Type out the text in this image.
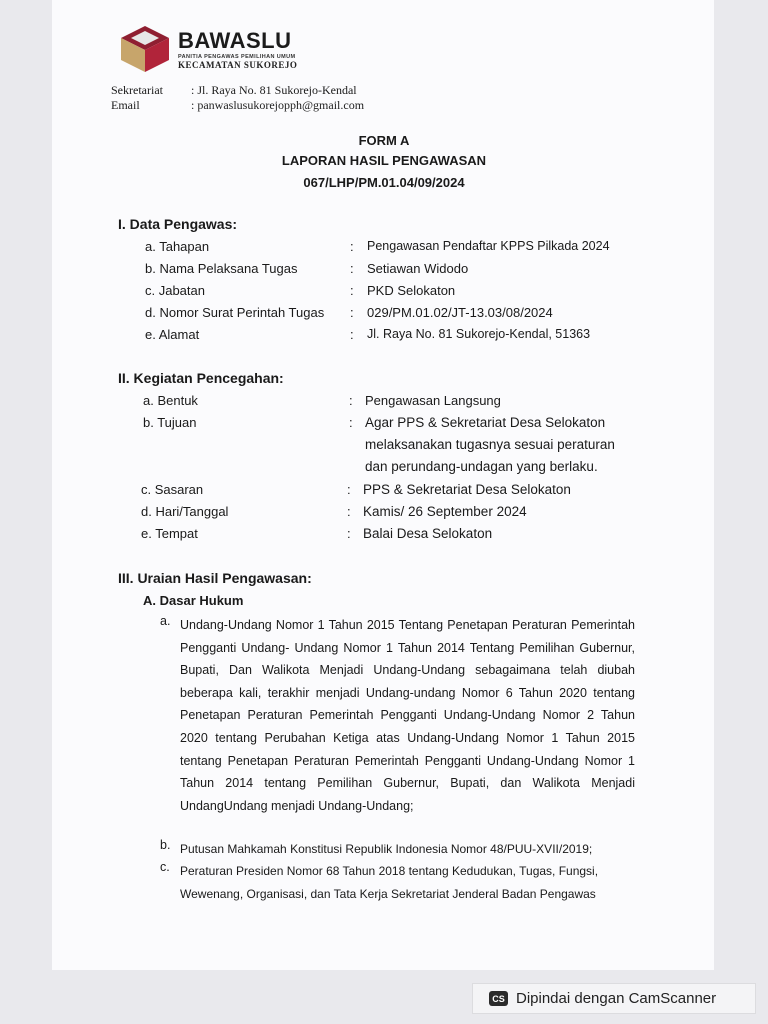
BAWASLU
PANITIA PENGAWAS PEMILIHAN UMUM
KECAMATAN SUKOREJO
Sekretariat : Jl. Raya No. 81 Sukorejo-Kendal
Email	: panwaslusukorejopph@gmail.com
FORM A
LAPORAN HASIL PENGAWASAN
067/LHP/PM.01.04/09/2024
I. Data Pengawas:
a. Tahapan	: Pengawasan Pendaftar KPPS Pilkada 2024
b. Nama Pelaksana Tugas	: Setiawan Widodo
c. Jabatan	: PKD Selokaton
d. Nomor Surat Perintah Tugas : 029/PM.01.02/JT-13.03/08/2024
e. Alamat	: Jl. Raya No. 81 Sukorejo-Kendal, 51363
II. Kegiatan Pencegahan:
a. Bentuk	: Pengawasan Langsung
b. Tujuan	: Agar PPS & Sekretariat Desa Selokaton
melaksanakan tugasnya sesuai peraturan
dan perundang-undagan yang berlaku.
c. Sasaran	: PPS & Sekretariat Desa Selokaton
d. Hari/Tanggal	: Kamis/ 26 September 2024
e. Tempat	: Balai Desa Selokaton
III. Uraian Hasil Pengawasan:
A. Dasar Hukum
a. Undang-Undang Nomor 1 Tahun 2015 Tentang Penetapan Peraturan Pemerintah Pengganti Undang- Undang Nomor 1 Tahun 2014 Tentang Pemilihan Gubernur, Bupati, Dan Walikota Menjadi Undang-Undang sebagaimana telah diubah beberapa kali, terakhir menjadi Undang-undang Nomor 6 Tahun 2020 tentang Penetapan Peraturan Pemerintah Pengganti Undang-Undang Nomor 2 Tahun 2020 tentang Perubahan Ketiga atas Undang-Undang Nomor 1 Tahun 2015 tentang Penetapan Peraturan Pemerintah Pengganti Undang-Undang Nomor 1 Tahun 2014 tentang Pemilihan Gubernur, Bupati, dan Walikota Menjadi UndangUndang menjadi Undang-Undang;
b. Putusan Mahkamah Konstitusi Republik Indonesia Nomor 48/PUU-XVII/2019;
c. Peraturan Presiden Nomor 68 Tahun 2018 tentang Kedudukan, Tugas, Fungsi, Wewenang, Organisasi, dan Tata Kerja Sekretariat Jenderal Badan Pengawas
CS Dipindai dengan CamScanner
